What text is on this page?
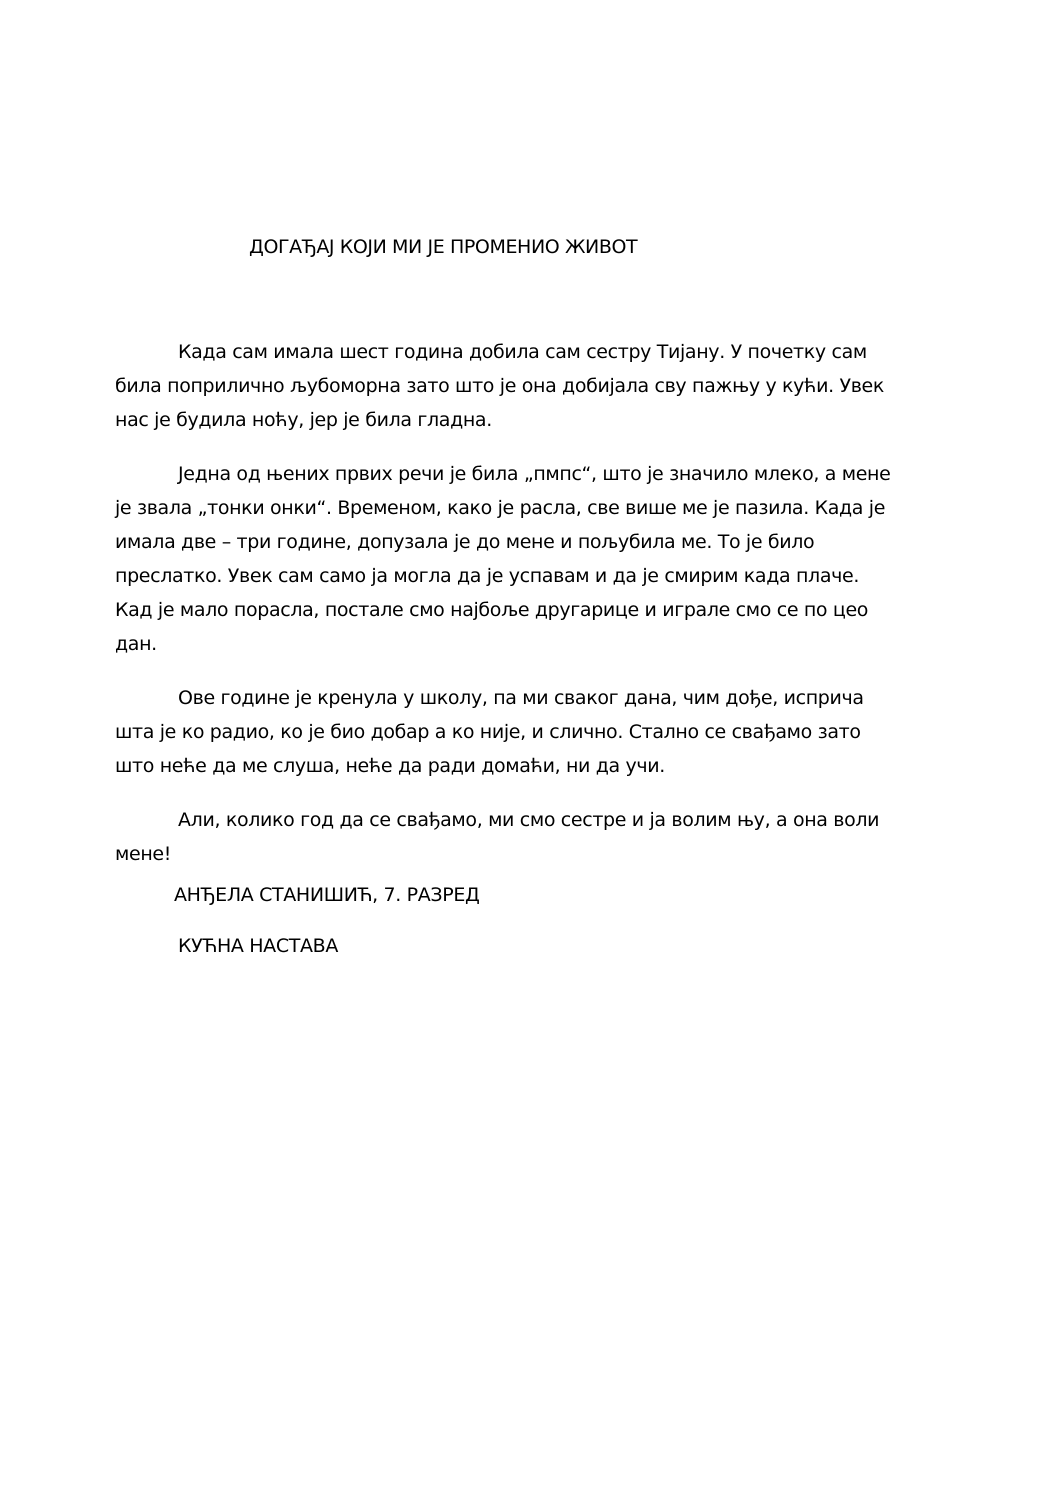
ДОГАЂАЈ КОЈИ МИ ЈЕ ПРОМЕНИО ЖИВОТ

Када сам имала шест година добила сам сестру Тијану. У почетку сам
била поприлично љубоморна зато што је она добијала сву пажњу у кући. Увек
нас је будила ноћу, јер је била гладна.

Једна од њених првих речи је била „пмпс“, што је значило млеко, а мене
је звала „тонки онки“. Временом, како је расла, све више ме је пазила. Када је
имала две – три године, допузала је до мене и пољубила ме. То је било
преслатко. Увек сам само ја могла да је успавам и да је смирим када плаче.
Кад је мало порасла, постале смо најбоље другарице и играле смо се по цео
дан.

Ове године је кренула у школу, па ми сваког дана, чим дође, исприча
шта је ко радио, ко је био добар а ко није, и слично. Стално се свађамо зато
што неће да ме слуша, неће да ради домаћи, ни да учи.

Али, колико год да се свађамо, ми смо сестре и ја волим њу, а она воли
мене!

АНЂЕЛА СТАНИШИЋ, 7. РАЗРЕД
КУЋНА НАСТАВА
